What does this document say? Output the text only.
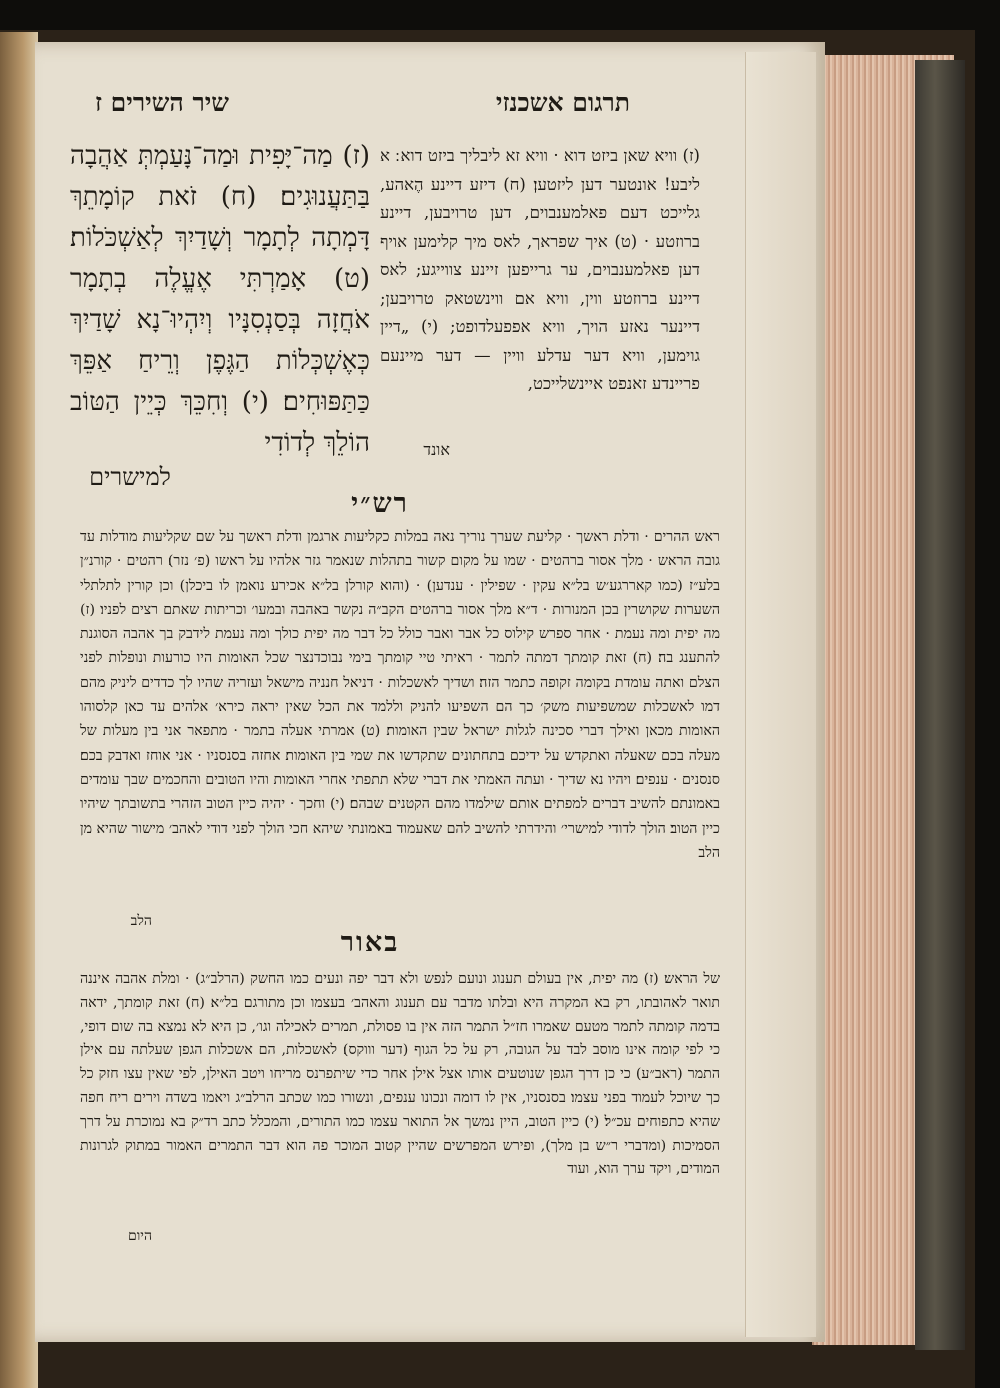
שיר השירים ז	תרגום אשכנזי
(ז) מַה־יָּפִית וּמַה־נָּעַמְתְּ אַהֲבָה בַּתַּעֲנוּגִים׃ (ח) זֹאת קוֹמָתֵךְ דָּמְתָה לְתָמָר וְשָׁדַיִךְ לְאַשְׁכֹּלוֹת׃ (ט) אָמַרְתִּי אֶעֱלֶה בְתָמָר אֹחֲזָה בְּסַנְסִנָּיו וְיִהְיוּ־נָא שָׁדַיִךְ כְּאֶשְׁכְּלוֹת הַגֶּפֶן וְרֵיחַ אַפֵּךְ כַּתַּפּוּחִים׃ (י) וְחִכֵּךְ כְּיֵין הַטּוֹב הוֹלֵךְ לְדוֹדִי
למישרים
(ז) וויא שאן ביזט דוא · וויא זא ליבליך ביזט דוא ׃ א ליבע! אונטער דען ליזטען׃ (ח) דיזע דיינע הֶאהע, גלייכט דעם פאלמענבוים, דען טרויבען, דיינע ברוזטע · (ט) איך שפראך, לאס מיך קלימען אויף דען פאלמענבוים, ער גרייפען זיינע צווייגע; לאס דיינע ברוזטע ווין, וויא אם ווינשטאק טרויבען; דיינער נאזע הויך, וויא אפפעלדופט; (י) „דיין גוימען, וויא דער עדלע וויין — דער מיינעם פריינדע זאנפט איינשלייכט,
אונד
רש״י
ראש ההרים · ודלת ראשך · קליעת שערך נוריך נאה במלות כקליעות ארגמן ודלת ראשך על שם שקליעות מודלות עד גובה הראש · מלך אסור ברהטים · שמו על מקום קשור בתהלות שנאמר גזר אלהיו על ראשו (פ׳ נזר)׃ רהטים · קורנ״ן בלע״ז (כמו קאררגע׳ש בל״א עקין · שפילין · ענדען) · (והוא קורלן בל״א אכירע נואמן לו ביכלן) וכן קורין לתלתלי השערות שקושרין בכן המנורות · ד״א מלך אסור ברהטים הקב״ה נקשר באהבה ובמעו׳ וכריתות שאתם רצים לפניו׃ (ז) מה יפית ומה נעמת · אחר ספרש קילוס כל אבר ואבר כולל כל דבר מה יפית כולך ומה נעמת לידבק בך אהבה הסוגנת להתענג בה׃ (ח) זאת קומתך דמתה לתמר · ראיתי טיי קומתך בימי נבוכדנצר שכל האומות היו כורעות ונופלות לפני הצלם ואתה עומדת בקומה זקופה כתמר הזה׃ ושדיך לאשכלות · דניאל חנניה מישאל ועזריה שהיו לך כדדים ליניק מהם דמו לאשכלות שמשפיעות משק׳ כך הם השפיעו להניק וללמד את הכל שאין יראה כירא׳ אלהים עד כאן קלסוהו האומות מכאן ואילך דברי סכינה לגלות ישראל שבין האומות׃ (ט) אמרתי אעלה בתמר · מתפאר אני בין מעלות של מעלה בכם שאעלה ואתקדש על ידיכם בתחתונים שתקדשו את שמי בין האומות׃ אחזה בסנסניו · אני אוחז ואדבק בכם׃ סנסנים · ענפים׃ ויהיו נא שדיך · ועתה האמתי את דברי שלא תתפתי אחרי האומות והיו הטובים והחכמים שבך עומדים באמונתם להשיב דברים למפתים אותם שילמדו מהם הקטנים שבהם׃ (י) וחכך · יהיה כיין הטוב הזהרי בתשובתך שיהיו כיין הטוב׃ הולך לדודי למישרי׳ והידרתי להשיב להם שאעמוד באמונתי שיהא חכי הולך לפני דודי לאהב׳ מישור שהיא מן הלב
הלב
באור
של הראש׃ (ז) מה יפית, אין בעולם תענוג ונועם לנפש ולא דבר יפה ונעים כמו החשק (הרלב״ג) · ומלת אהבה איננה תואר לאהובתו, רק בא המקרה היא ובלתו מדבר עם תענוג והאהב׳ בעצמו וכן מתורגם בל״א׃ (ח) זאת קומתך, ידאה בדמה קומתה לתמר מטעם שאמרו חז״ל התמר הזה אין בו פסולת, תמרים לאכילה וגו׳, כן היא לא נמצא בה שום דופי, כי לפי קומה אינו מוסב לבד על הגובה, רק על כל הגוף (דער וווקס)׃ לאשכלות, הם אשכלות הגפן שעלתה עם אילן התמר (ראב״ע) כי כן דרך הגפן שנוטעים אותו אצל אילן אחר כדי שיתפרנס מריחו ויטב האילן, לפי שאין עצו חזק כל כך שיוכל לעמוד בפני עצמו׃ בסנסניו, אין לו דומה ונכונו ענפים, ונשורו כמו שכתב הרלב״ג ויאמו בשדה וירים ריח חפה שהיא כתפוחים עכ״ל׃ (י) כיין הטוב, היין נמשך אל התואר עצמו כמו התורים, והמכלל כתב רד״ק בא נמוכרת על דרך הסמיכות (ומדברי ר״ש בן מלך), ופירש המפרשים שהיין קטוב המוכר פה הוא דבר התמרים האמור במתוק לגרונות המודים, ויקד ערך הוא, ועוד
היום
